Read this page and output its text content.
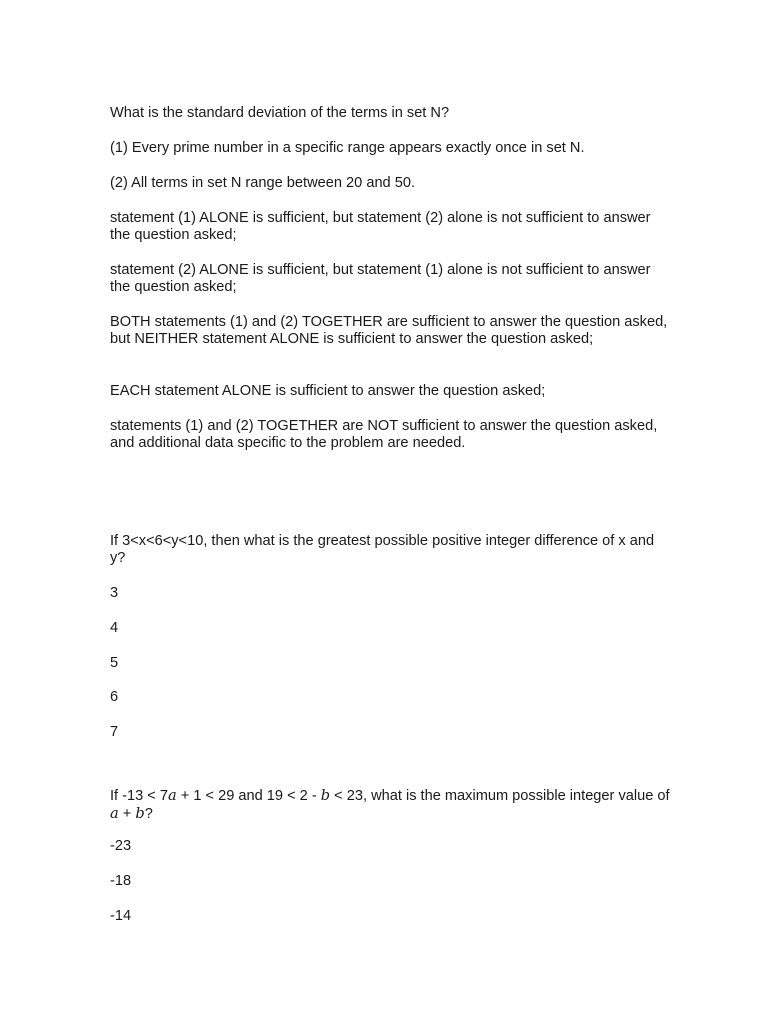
What is the standard deviation of the terms in set N?

(1) Every prime number in a specific range appears exactly once in set N.

(2) All terms in set N range between 20 and 50.

statement (1) ALONE is sufficient, but statement (2) alone is not sufficient to answer the question asked;

statement (2) ALONE is sufficient, but statement (1) alone is not sufficient to answer the question asked;

BOTH statements (1) and (2) TOGETHER are sufficient to answer the question asked, but NEITHER statement ALONE is sufficient to answer the question asked;

EACH statement ALONE is sufficient to answer the question asked;

statements (1) and (2) TOGETHER are NOT sufficient to answer the question asked, and additional data specific to the problem are needed.

If 3<x<6<y<10, then what is the greatest possible positive integer difference of x and y?

3

4

5

6

7

If -13 < 7a + 1 < 29 and 19 < 2 - b < 23, what is the maximum possible integer value of a + b?

-23

-18

-14
